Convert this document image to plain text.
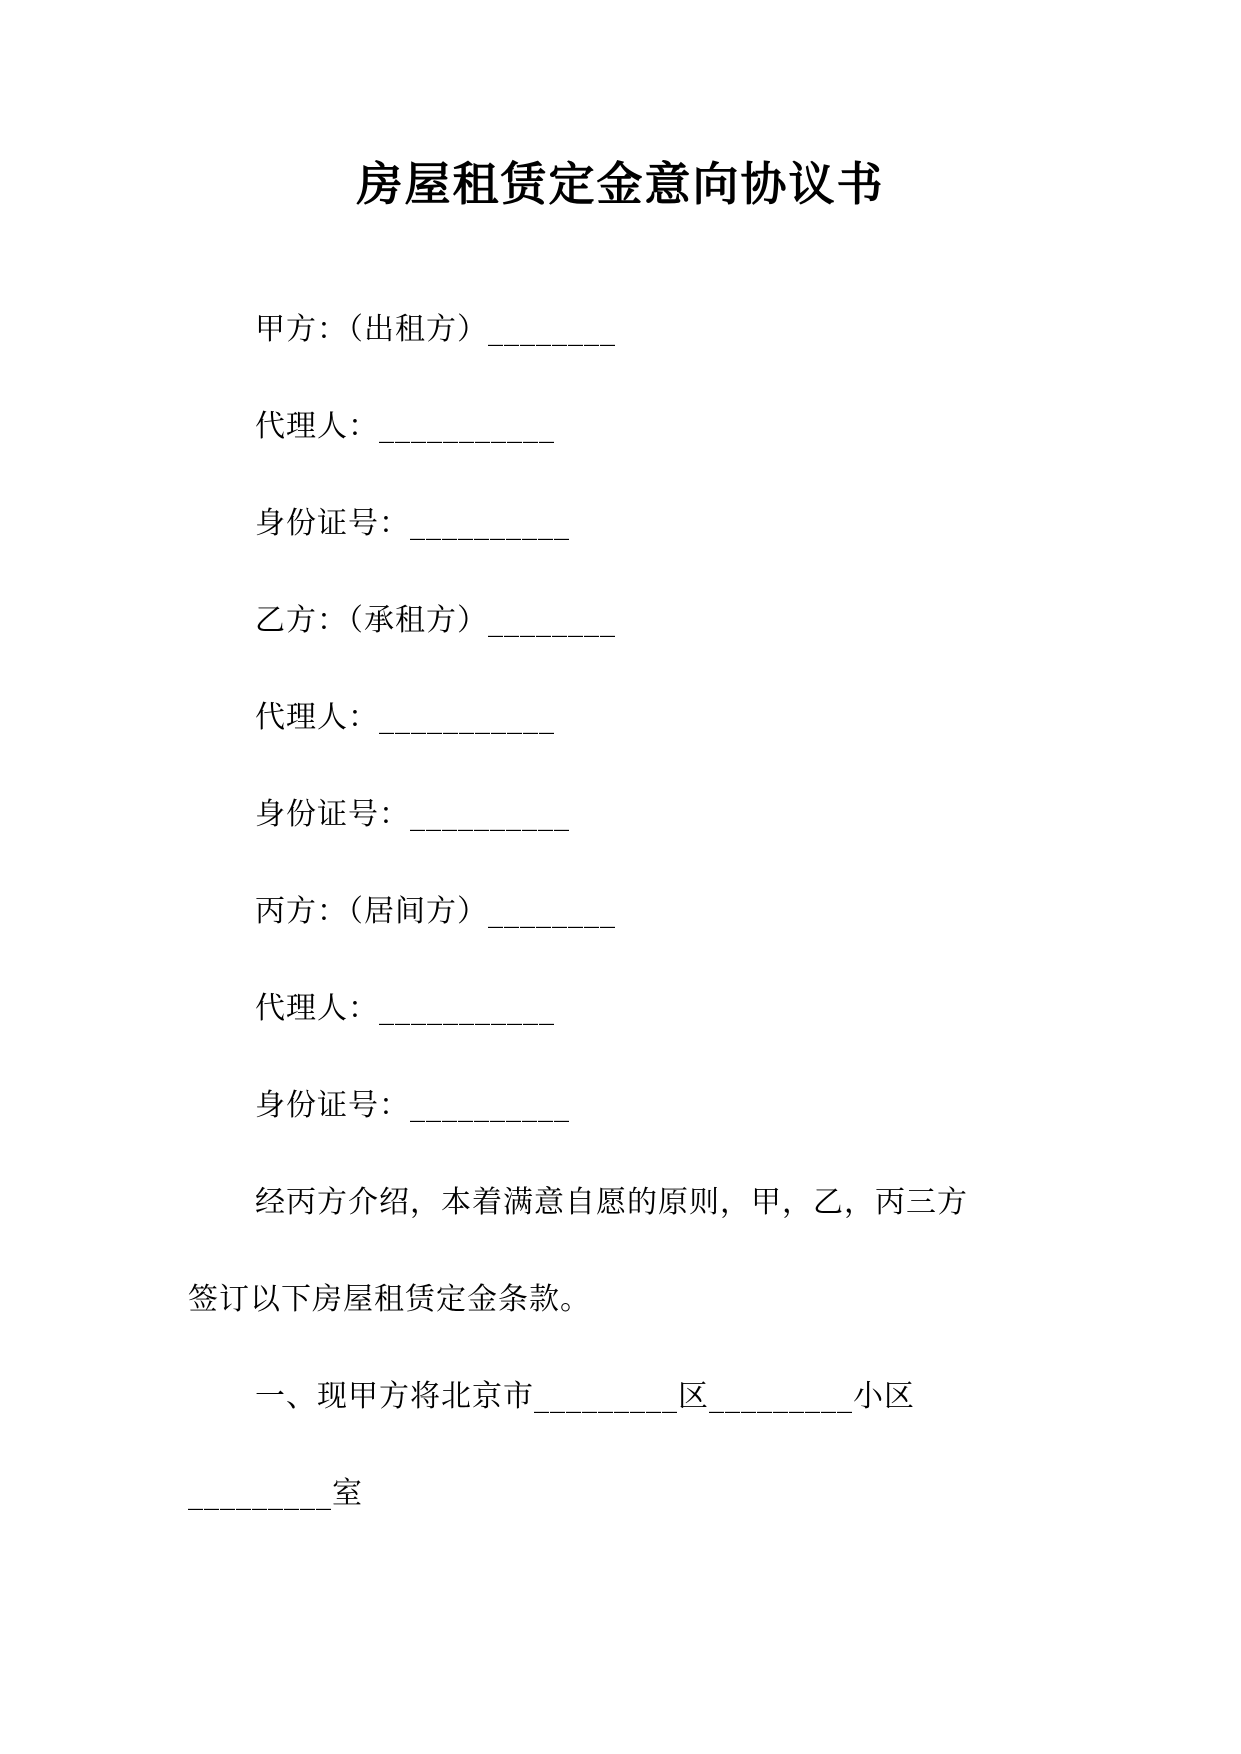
房屋租赁定金意向协议书
甲方：（出租方）________
代理人：___________
身份证号：__________
乙方：（承租方）________
代理人：___________
身份证号：__________
丙方：（居间方）________
代理人：___________
身份证号：__________
经丙方介绍，本着满意自愿的原则，甲，乙，丙三方
签订以下房屋租赁定金条款。
一、现甲方将北京市_________区_________小区
_________室
